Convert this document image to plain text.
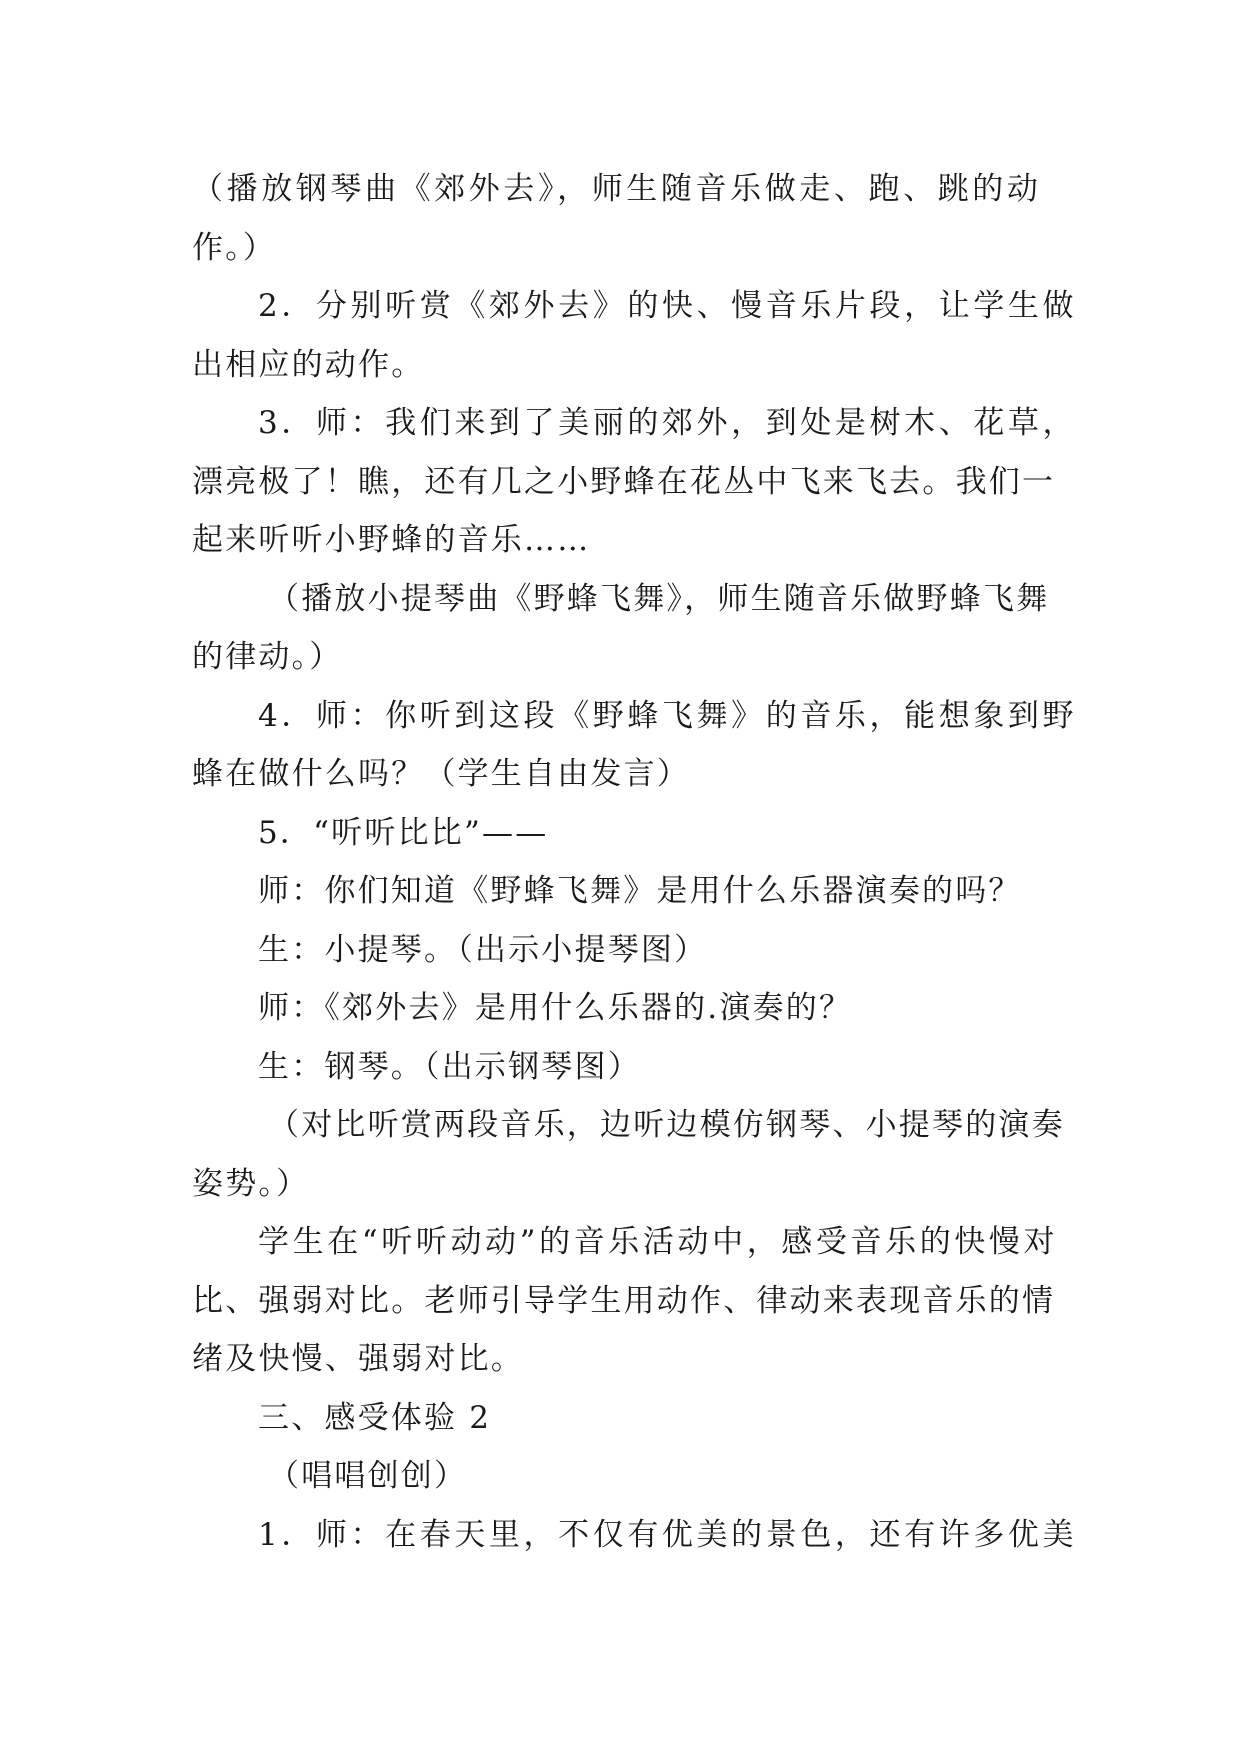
（播放钢琴曲《郊外去》，师生随音乐做走、跑、跳的动
作。）
2．分别听赏《郊外去》的快、慢音乐片段，让学生做
出相应的动作。
3．师：我们来到了美丽的郊外，到处是树木、花草，
漂亮极了！瞧，还有几之小野蜂在花丛中飞来飞去。我们一
起来听听小野蜂的音乐……
（播放小提琴曲《野蜂飞舞》，师生随音乐做野蜂飞舞
的律动。）
4．师：你听到这段《野蜂飞舞》的音乐，能想象到野
蜂在做什么吗？（学生自由发言）
5．“听听比比”——
师：你们知道《野蜂飞舞》是用什么乐器演奏的吗？
生：小提琴。（出示小提琴图）
师：《郊外去》是用什么乐器的.演奏的？
生：钢琴。（出示钢琴图）
（对比听赏两段音乐，边听边模仿钢琴、小提琴的演奏
姿势。）
学生在“听听动动”的音乐活动中，感受音乐的快慢对
比、强弱对比。老师引导学生用动作、律动来表现音乐的情
绪及快慢、强弱对比。
三、感受体验 2
（唱唱创创）
1．师：在春天里，不仅有优美的景色，还有许多优美
